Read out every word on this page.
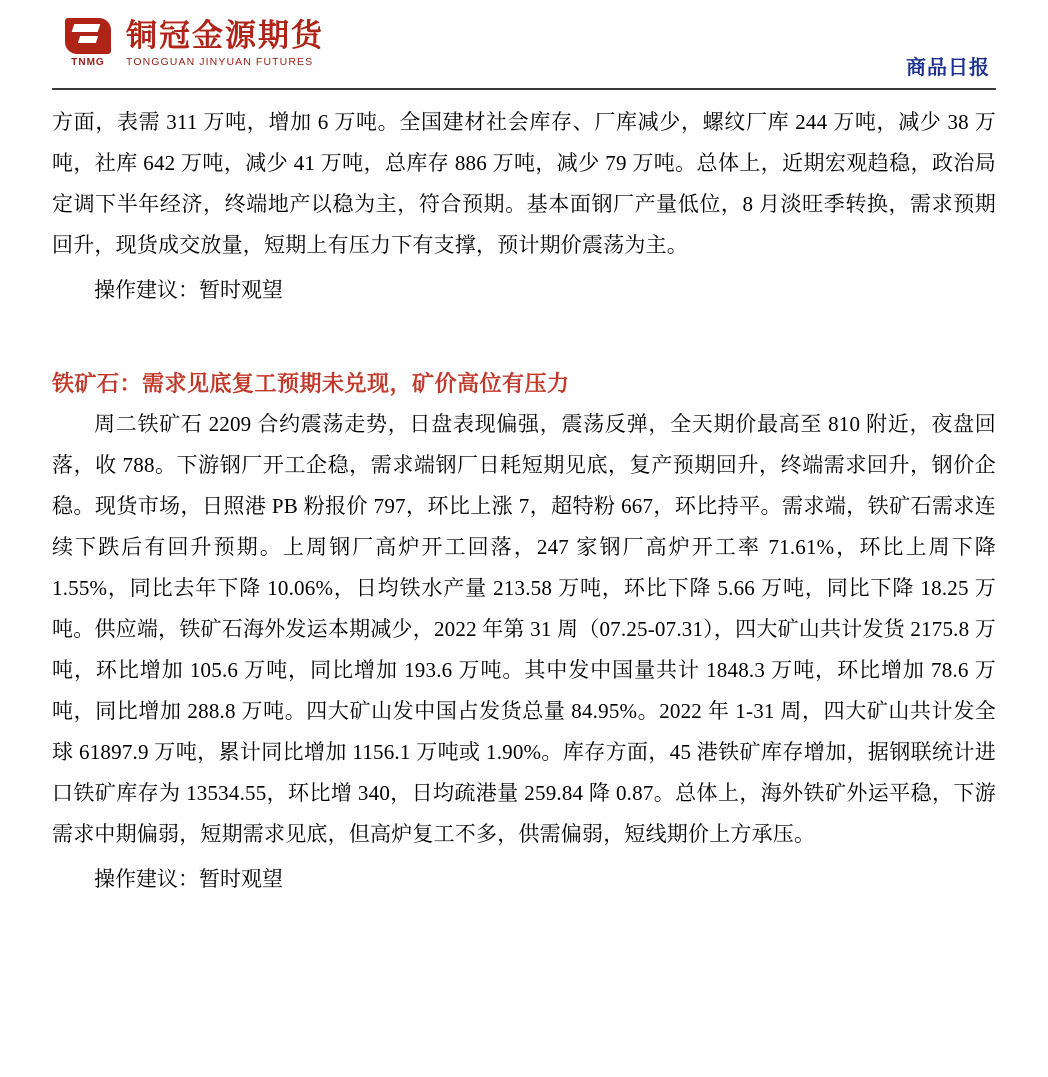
TNMG
铜冠金源期货
TONGGUAN JINYUAN FUTURES	商品日报

方面，表需 311 万吨，增加 6 万吨。全国建材社会库存、厂库减少，螺纹厂库 244 万吨，减少 38 万吨，社库 642 万吨，减少 41 万吨，总库存 886 万吨，减少 79 万吨。总体上，近期宏观趋稳，政治局定调下半年经济，终端地产以稳为主，符合预期。基本面钢厂产量低位，8 月淡旺季转换，需求预期回升，现货成交放量，短期上有压力下有支撑，预计期价震荡为主。

操作建议：暂时观望

铁矿石：需求见底复工预期未兑现，矿价高位有压力

周二铁矿石 2209 合约震荡走势，日盘表现偏强，震荡反弹，全天期价最高至 810 附近，夜盘回落，收 788。下游钢厂开工企稳，需求端钢厂日耗短期见底，复产预期回升，终端需求回升，钢价企稳。现货市场，日照港 PB 粉报价 797，环比上涨 7，超特粉 667，环比持平。需求端，铁矿石需求连续下跌后有回升预期。上周钢厂高炉开工回落，247 家钢厂高炉开工率 71.61%，环比上周下降 1.55%，同比去年下降 10.06%，日均铁水产量 213.58 万吨，环比下降 5.66 万吨，同比下降 18.25 万吨。供应端，铁矿石海外发运本期减少，2022 年第 31 周（07.25-07.31），四大矿山共计发货 2175.8 万吨，环比增加 105.6 万吨，同比增加 193.6 万吨。其中发中国量共计 1848.3 万吨，环比增加 78.6 万吨，同比增加 288.8 万吨。四大矿山发中国占发货总量 84.95%。2022 年 1-31 周，四大矿山共计发全球 61897.9 万吨，累计同比增加 1156.1 万吨或 1.90%。库存方面，45 港铁矿库存增加，据钢联统计进口铁矿库存为 13534.55，环比增 340，日均疏港量 259.84 降 0.87。总体上，海外铁矿外运平稳，下游需求中期偏弱，短期需求见底，但高炉复工不多，供需偏弱，短线期价上方承压。

操作建议：暂时观望
